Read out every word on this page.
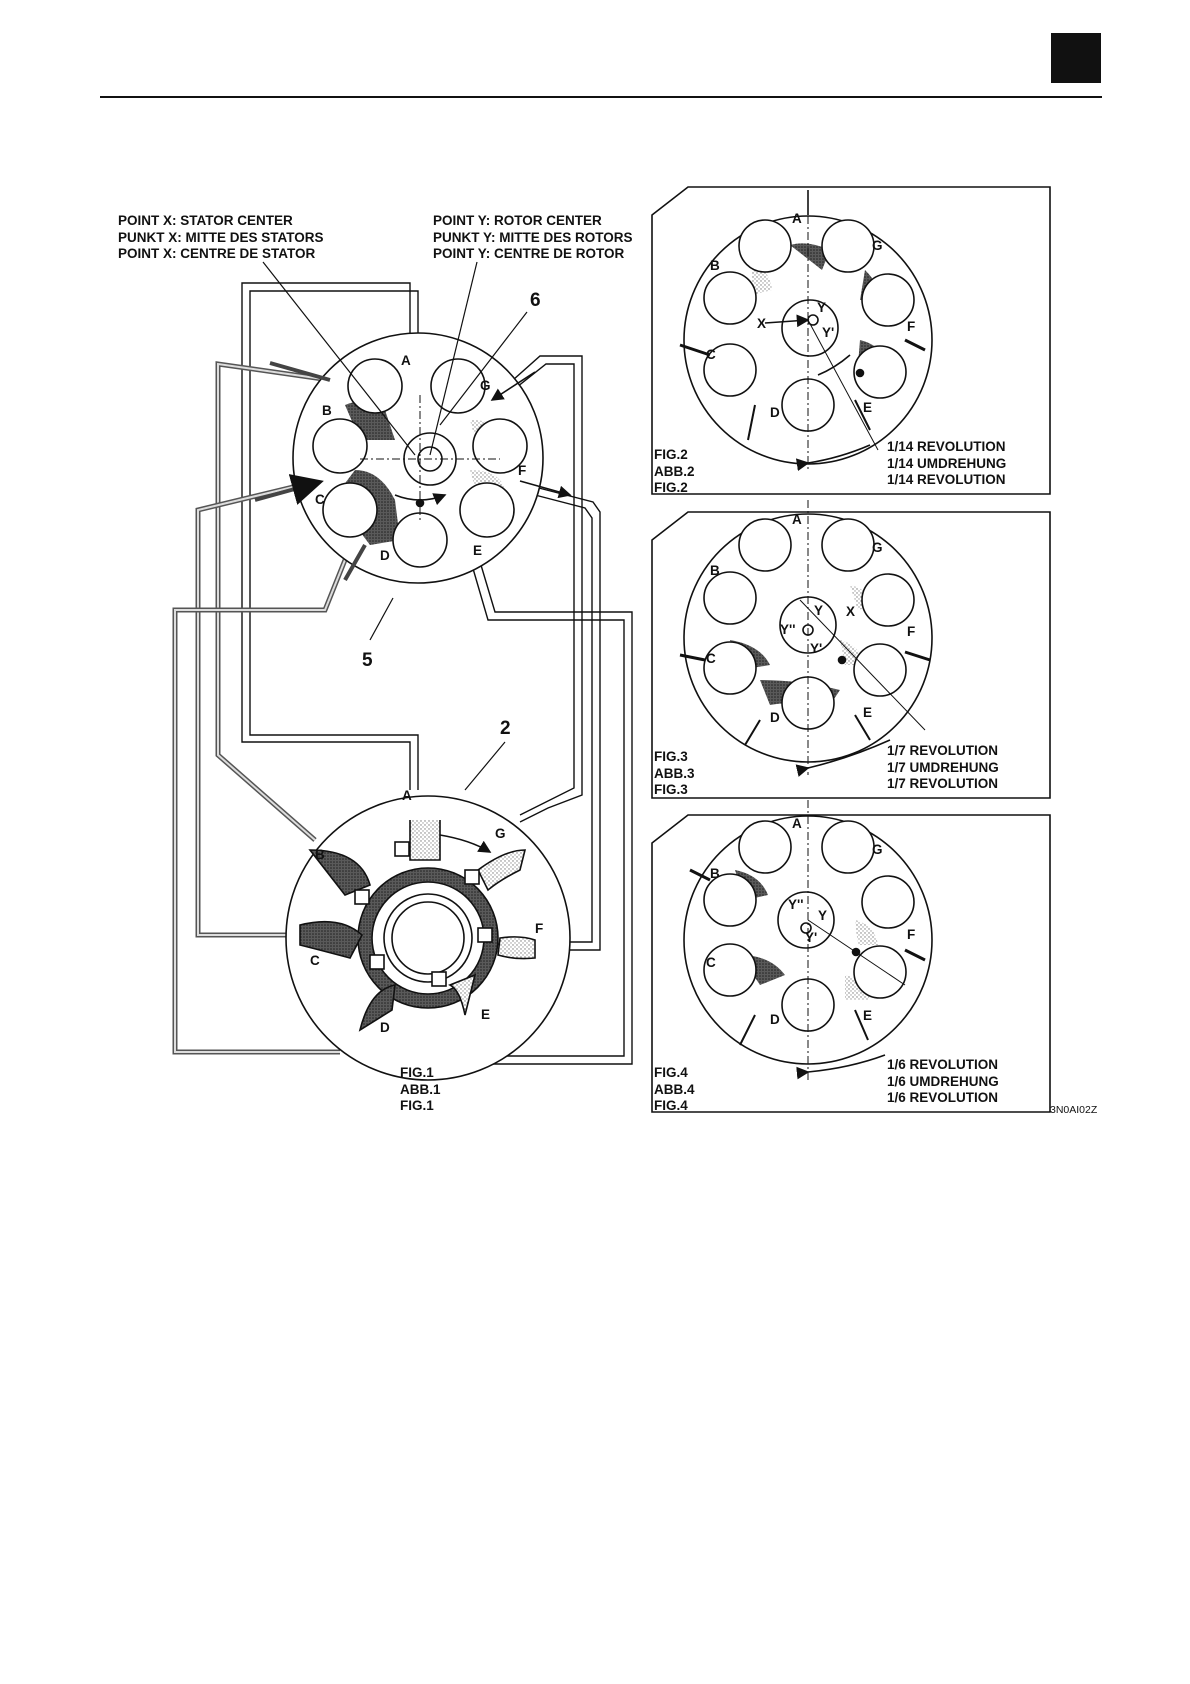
POINT X: STATOR CENTER
PUNKT X: MITTE DES STATORS
POINT X: CENTRE DE STATOR
POINT Y: ROTOR CENTER
PUNKT Y: MITTE DES ROTORS
POINT Y: CENTRE DE ROTOR
6
5
2
A
B
C
D	E
F
G
A
B
C
D
E
F
G
FIG.1
ABB.1
FIG.1
A
B
C
D	E
F
G
X
Y
Y'
FIG.2
ABB.2
FIG.2
1/14 REVOLUTION
1/14 UMDREHUNG
1/14 REVOLUTION
A
B
C
D	E
F
G
Y X
Y''
Y'
FIG.3
ABB.3
FIG.3
1/7 REVOLUTION
1/7 UMDREHUNG
1/7 REVOLUTION
A
B
C
D	E
F
G
Y''
Y
Y'
FIG.4
ABB.4
FIG.4
1/6 REVOLUTION
1/6 UMDREHUNG
1/6 REVOLUTION
3N0AI02Z
